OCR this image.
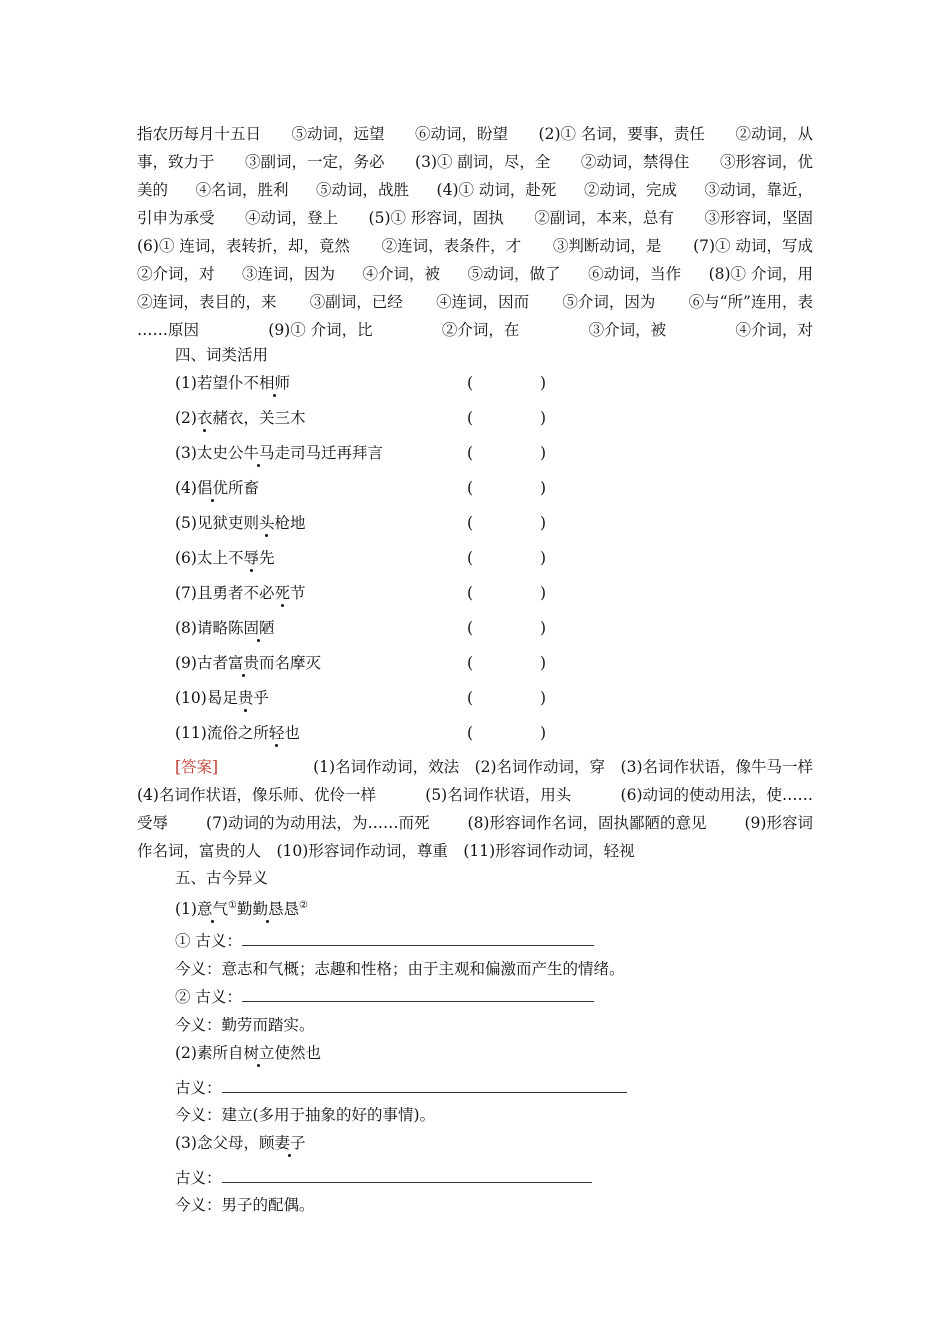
指农历每月十五日 ⑤动词，远望 ⑥动词，盼望 (2)① 名词，要事，责任 ②动词，从
事，致力于 ③副词，一定，务必 (3)① 副词，尽，全 ②动词，禁得住 ③形容词，优
美的 ④名词，胜利 ⑤动词，战胜 (4)① 动词，赴死 ②动词，完成 ③动词，靠近，
引申为承受 ④动词，登上 (5)① 形容词，固执 ②副词，本来，总有 ③形容词，坚固
(6)① 连词，表转折，却，竟然 ②连词，表条件，才 ③判断动词，是 (7)① 动词，写成
②介词，对 ③连词，因为 ④介词，被 ⑤动词，做了 ⑥动词，当作 (8)① 介词，用
②连词，表目的，来 ③副词，已经 ④连词，因而 ⑤介词，因为 ⑥与“所”连用，表
……原因	(9)① 介词，比	②介词，在	③介词，被	④介词，对
四、词类活用
(1)若望仆不相师	(	)
(2)衣赭衣，关三木	(	)
(3)太史公牛马走司马迁再拜言	(	)
(4)倡优所畜	(	)
(5)见狱吏则头枪地	(	)
(6)太上不辱先	(	)
(7)且勇者不必死节	(	)
(8)请略陈固陋	(	)
(9)古者富贵而名摩灭	(	)
(10)曷足贵乎	(	)
(11)流俗之所轻也	(	)
[答案]	(1)名词作动词，效法　(2)名词作动词，穿　(3)名词作状语，像牛马一样
(4)名词作状语，像乐师、优伶一样	(5)名词作状语，用头	(6)动词的使动用法，使……
受辱 (7)动词的为动用法，为……而死 (8)形容词作名词，固执鄙陋的意见 (9)形容词
作名词，富贵的人　(10)形容词作动词，尊重　(11)形容词作动词，轻视
五、古今异义
(1)意气①勤勤恳恳②
① 古义：
今义：意志和气概；志趣和性格；由于主观和偏激而产生的情绪。
② 古义：
今义：勤劳而踏实。
(2)素所自树立使然也
古义：
今义：建立(多用于抽象的好的事情)。
(3)念父母，顾妻子
古义：
今义：男子的配偶。
